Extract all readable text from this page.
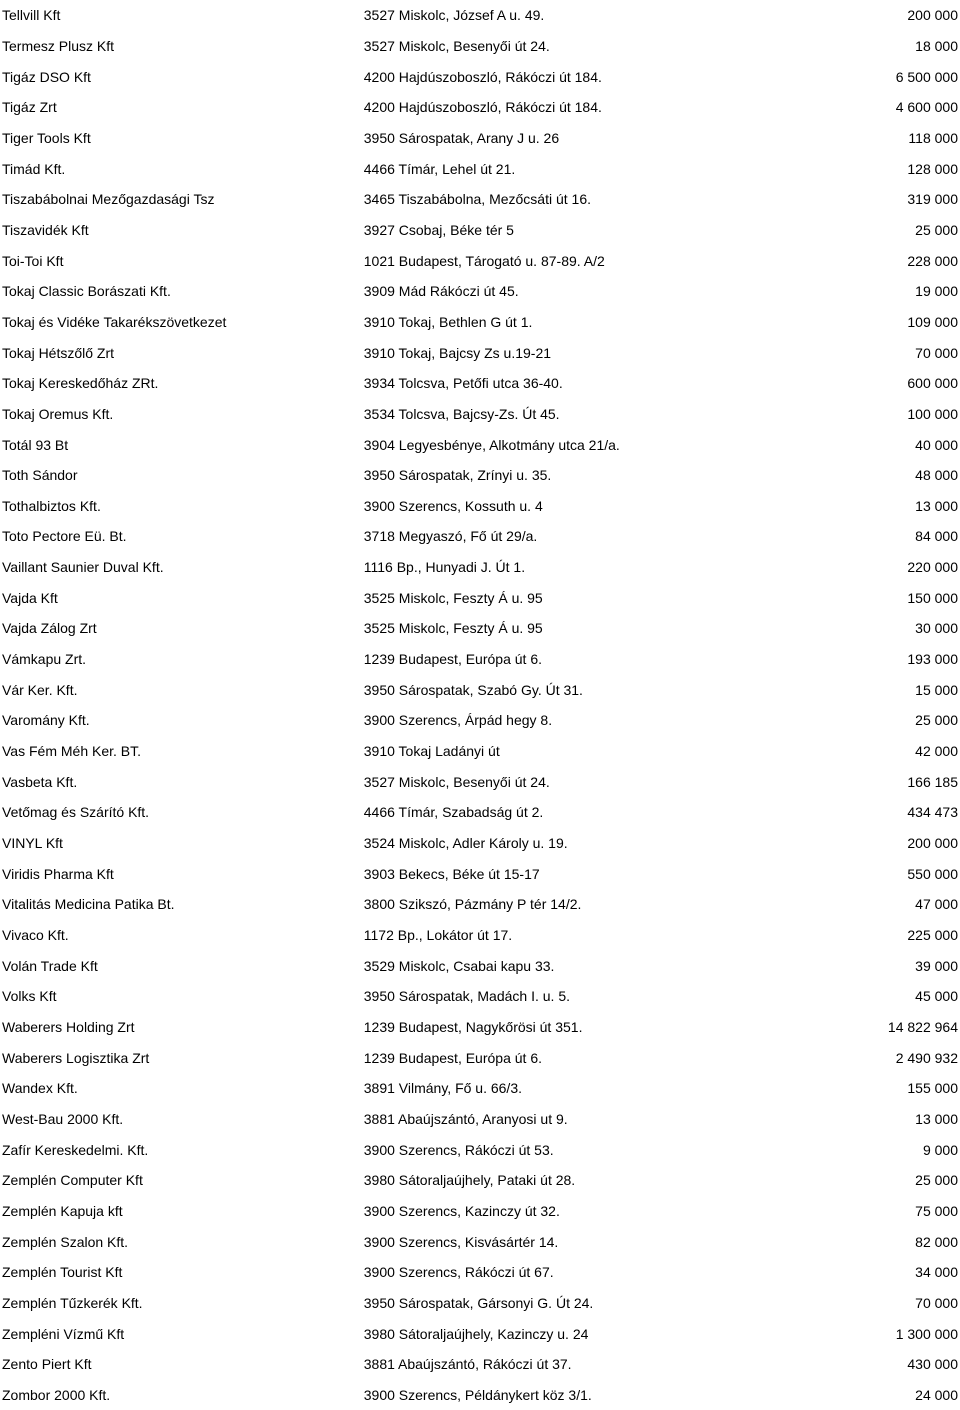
Tellvill Kft	3527 Miskolc, József A u. 49.	200 000
Termesz Plusz Kft	3527 Miskolc, Besenyői út 24.	18 000
Tigáz DSO Kft	4200 Hajdúszoboszló, Rákóczi út 184.	6 500 000
Tigáz Zrt	4200 Hajdúszoboszló, Rákóczi út 184.	4 600 000
Tiger Tools Kft	3950 Sárospatak, Arany J u. 26	118 000
Timád Kft.	4466 Tímár, Lehel út 21.	128 000
Tiszabábolnai Mezőgazdasági Tsz	3465 Tiszabábolna, Mezőcsáti út 16.	319 000
Tiszavidék Kft	3927 Csobaj, Béke tér 5	25 000
Toi-Toi Kft	1021 Budapest, Tárogató u. 87-89. A/2	228 000
Tokaj Classic Borászati Kft.	3909 Mád Rákóczi út 45.	19 000
Tokaj és Vidéke Takarékszövetkezet	3910 Tokaj, Bethlen G út 1.	109 000
Tokaj Hétszőlő Zrt	3910 Tokaj, Bajcsy Zs u.19-21	70 000
Tokaj Kereskedőház ZRt.	3934 Tolcsva, Petőfi utca 36-40.	600 000
Tokaj Oremus Kft.	3534 Tolcsva, Bajcsy-Zs. Út 45.	100 000
Totál 93 Bt	3904 Legyesbénye, Alkotmány utca 21/a.	40 000
Toth Sándor	3950 Sárospatak, Zrínyi u. 35.	48 000
Tothalbiztos Kft.	3900 Szerencs, Kossuth u. 4	13 000
Toto Pectore Eü. Bt.	3718 Megyaszó, Fő út 29/a.	84 000
Vaillant Saunier Duval Kft.	1116 Bp., Hunyadi J. Út 1.	220 000
Vajda Kft	3525 Miskolc, Feszty Á u. 95	150 000
Vajda Zálog Zrt	3525 Miskolc, Feszty Á u. 95	30 000
Vámkapu Zrt.	1239 Budapest, Európa út 6.	193 000
Vár Ker. Kft.	3950 Sárospatak, Szabó Gy. Út 31.	15 000
Varomány Kft.	3900 Szerencs, Árpád hegy 8.	25 000
Vas Fém Méh Ker. BT.	3910 Tokaj Ladányi út	42 000
Vasbeta Kft.	3527 Miskolc, Besenyői út 24.	166 185
Vetőmag és Szárító Kft.	4466 Tímár, Szabadság út 2.	434 473
VINYL Kft	3524 Miskolc, Adler Károly u. 19.	200 000
Viridis Pharma Kft	3903 Bekecs, Béke út 15-17	550 000
Vitalitás Medicina Patika Bt.	3800 Szikszó, Pázmány P tér 14/2.	47 000
Vivaco Kft.	1172 Bp., Lokátor út 17.	225 000
Volán Trade Kft	3529 Miskolc, Csabai kapu 33.	39 000
Volks Kft	3950 Sárospatak, Madách I. u. 5.	45 000
Waberers Holding Zrt	1239 Budapest, Nagykőrösi út 351.	14 822 964
Waberers Logisztika Zrt	1239 Budapest, Európa út 6.	2 490 932
Wandex Kft.	3891 Vilmány, Fő u. 66/3.	155 000
West-Bau 2000 Kft.	3881 Abaújszántó, Aranyosi ut 9.	13 000
Zafír Kereskedelmi. Kft.	3900 Szerencs, Rákóczi út 53.	9 000
Zemplén Computer Kft	3980 Sátoraljaújhely, Pataki út 28.	25 000
Zemplén Kapuja kft	3900 Szerencs, Kazinczy út 32.	75 000
Zemplén Szalon Kft.	3900 Szerencs, Kisvásártér 14.	82 000
Zemplén Tourist Kft	3900 Szerencs, Rákóczi út 67.	34 000
Zemplén Tűzkerék Kft.	3950 Sárospatak, Gársonyi G. Út 24.	70 000
Zempléni Vízmű Kft	3980 Sátoraljaújhely, Kazinczy u. 24	1 300 000
Zento Piert Kft	3881 Abaújszántó, Rákóczi út 37.	430 000
Zombor 2000 Kft.	3900 Szerencs, Példánykert köz 3/1.	24 000
